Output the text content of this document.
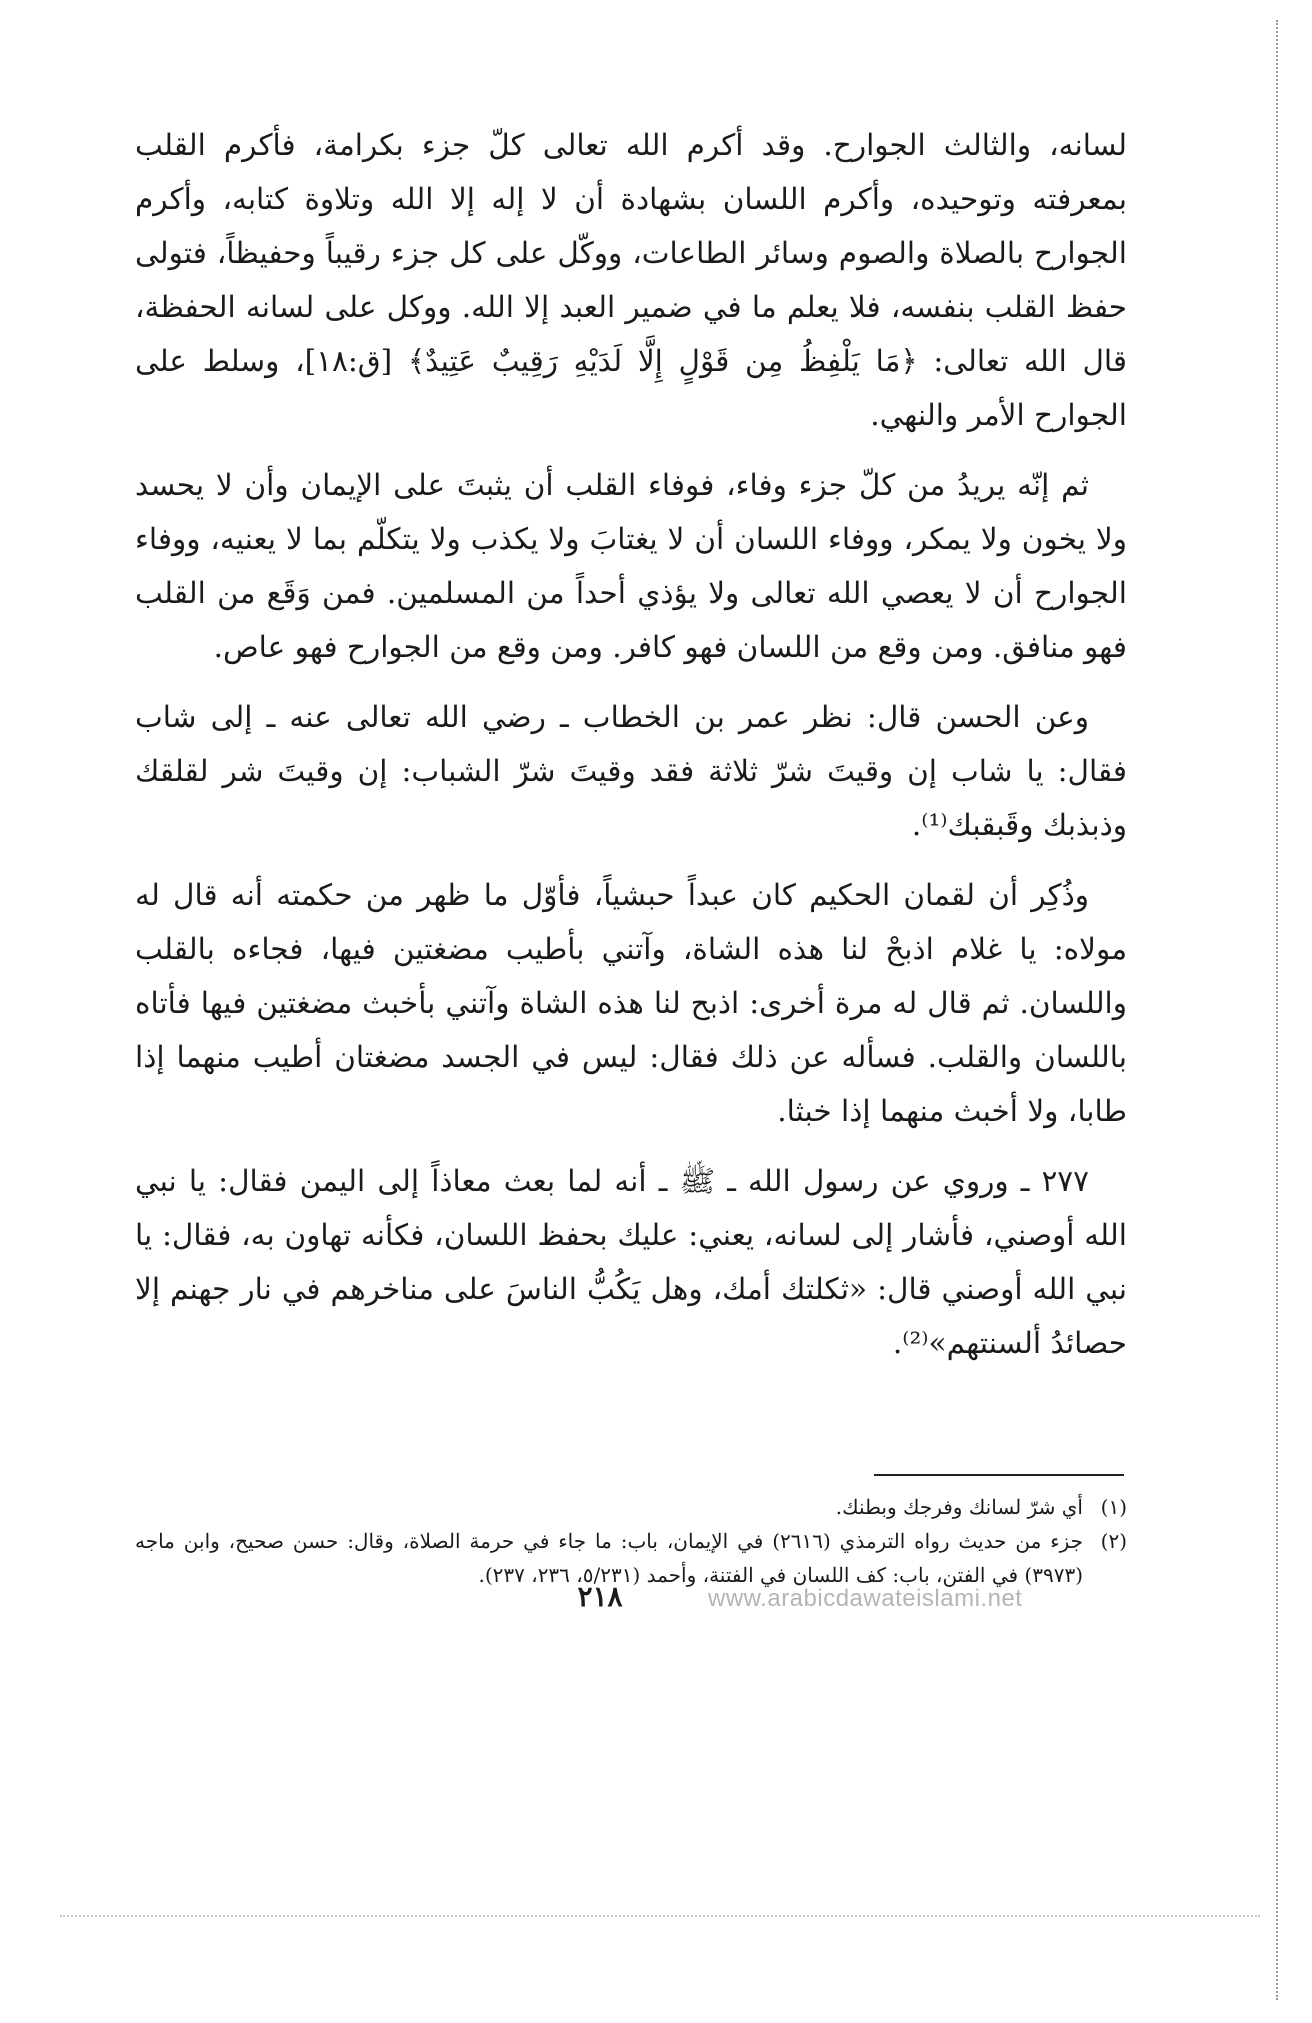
لسانه، والثالث الجوارح. وقد أكرم الله تعالى كلّ جزء بكرامة، فأكرم القلب بمعرفته وتوحيده، وأكرم اللسان بشهادة أن لا إله إلا الله وتلاوة كتابه، وأكرم الجوارح بالصلاة والصوم وسائر الطاعات، ووكّل على كل جزء رقيباً وحفيظاً، فتولى حفظ القلب بنفسه، فلا يعلم ما في ضمير العبد إلا الله. ووكل على لسانه الحفظة، قال الله تعالى: ﴿مَا يَلْفِظُ مِن قَوْلٍ إِلَّا لَدَيْهِ رَقِيبٌ عَتِيدٌ﴾ [ق:١٨]، وسلط على الجوارح الأمر والنهي.

ثم إنّه يريدُ من كلّ جزء وفاء، فوفاء القلب أن يثبتَ على الإيمان وأن لا يحسد ولا يخون ولا يمكر، ووفاء اللسان أن لا يغتابَ ولا يكذب ولا يتكلّم بما لا يعنيه، ووفاء الجوارح أن لا يعصي الله تعالى ولا يؤذي أحداً من المسلمين. فمن وَقَع من القلب فهو منافق. ومن وقع من اللسان فهو كافر. ومن وقع من الجوارح فهو عاص.

وعن الحسن قال: نظر عمر بن الخطاب ـ رضي الله تعالى عنه ـ إلى شاب فقال: يا شاب إن وقيتَ شرّ ثلاثة فقد وقيتَ شرّ الشباب: إن وقيتَ شر لقلقك وذبذبك وقَبقبك⁽¹⁾.

وذُكِر أن لقمان الحكيم كان عبداً حبشياً، فأوّل ما ظهر من حكمته أنه قال له مولاه: يا غلام اذبحْ لنا هذه الشاة، وآتني بأطيب مضغتين فيها، فجاءه بالقلب واللسان. ثم قال له مرة أخرى: اذبح لنا هذه الشاة وآتني بأخبث مضغتين فيها فأتاه باللسان والقلب. فسأله عن ذلك فقال: ليس في الجسد مضغتان أطيب منهما إذا طابا، ولا أخبث منهما إذا خبثا.

٢٧٧ ـ وروي عن رسول الله ـ ﷺ ـ أنه لما بعث معاذاً إلى اليمن فقال: يا نبي الله أوصني، فأشار إلى لسانه، يعني: عليك بحفظ اللسان، فكأنه تهاون به، فقال: يا نبي الله أوصني قال: «ثكلتك أمك، وهل يَكُبُّ الناسَ على مناخرهم في نار جهنم إلا حصائدُ ألسنتهم»⁽²⁾.

(١)
أي شرّ لسانك وفرجك وبطنك.

(٢)
جزء من حديث رواه الترمذي (٢٦١٦) في الإيمان، باب: ما جاء في حرمة الصلاة، وقال: حسن صحيح، وابن ماجه (٣٩٧٣) في الفتن، باب: كف اللسان في الفتنة، وأحمد (٥/٢٣١، ٢٣٦، ٢٣٧).

٢١٨	www.arabicdawateislami.net
